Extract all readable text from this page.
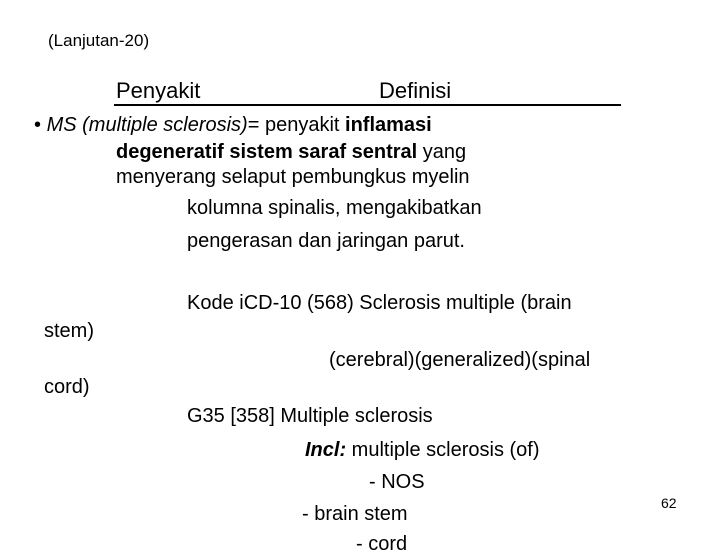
(Lanjutan-20)
Penyakit	Definisi
• MS (multiple sclerosis)= penyakit inflamasi
degeneratif sistem saraf sentral yang
menyerang selaput pembungkus myelin
kolumna spinalis, mengakibatkan
pengerasan dan jaringan parut.
Kode iCD-10 (568) Sclerosis multiple (brain
stem)
(cerebral)(generalized)(spinal
cord)
G35 [358] Multiple sclerosis
Incl: multiple sclerosis (of)
- NOS
- brain stem
- cord
62
